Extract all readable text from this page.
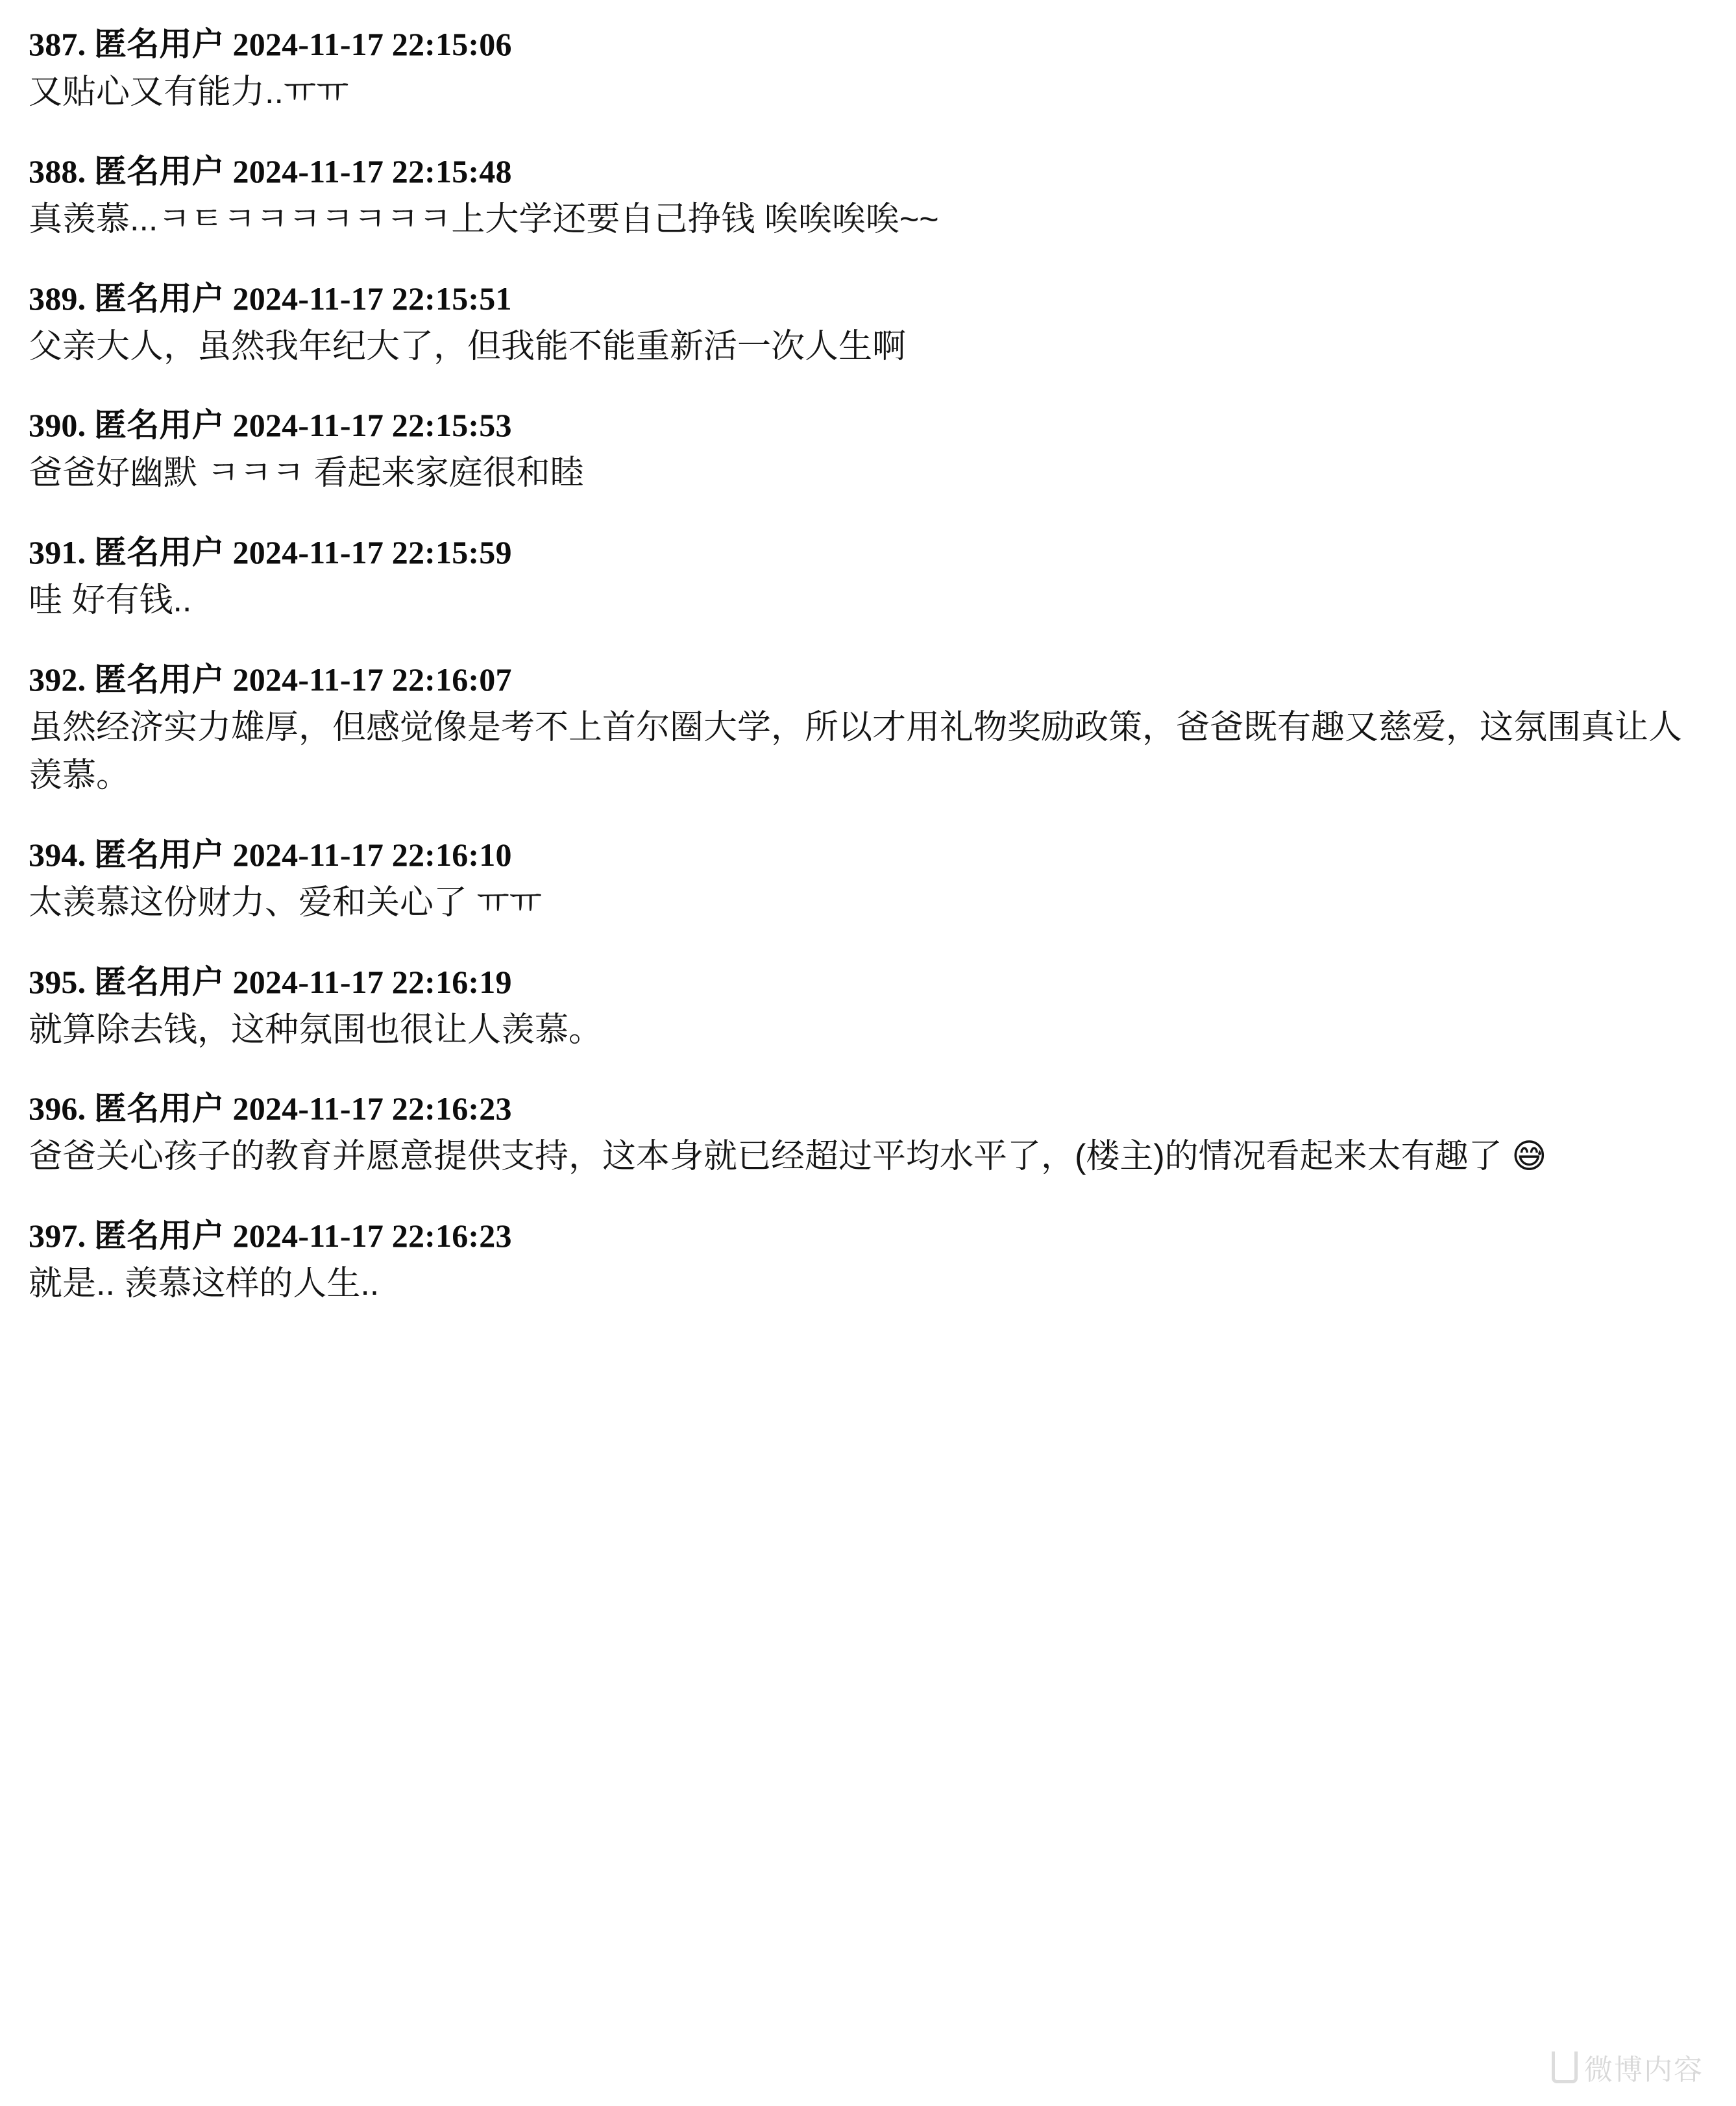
387. 匿名用户 2024-11-17 22:15:06
又贴心又有能力..ㅠㅠ
388. 匿名用户 2024-11-17 22:15:48
真羡慕...ㅋㅌㅋㅋㅋㅋㅋㅋㅋ上大学还要自己挣钱 唉唉唉唉~~
389. 匿名用户 2024-11-17 22:15:51
父亲大人，虽然我年纪大了，但我能不能重新活一次人生啊
390. 匿名用户 2024-11-17 22:15:53
爸爸好幽默 ㅋㅋㅋ 看起来家庭很和睦
391. 匿名用户 2024-11-17 22:15:59
哇 好有钱..
392. 匿名用户 2024-11-17 22:16:07
虽然经济实力雄厚，但感觉像是考不上首尔圈大学，所以才用礼物奖励政策，爸爸既有趣又慈爱，这氛围真让人羡慕。
394. 匿名用户 2024-11-17 22:16:10
太羡慕这份财力、爱和关心了 ㅠㅠ
395. 匿名用户 2024-11-17 22:16:19
就算除去钱，这种氛围也很让人羡慕。
396. 匿名用户 2024-11-17 22:16:23
爸爸关心孩子的教育并愿意提供支持，这本身就已经超过平均水平了，(楼主)的情况看起来太有趣了 😅
397. 匿名用户 2024-11-17 22:16:23
就是.. 羡慕这样的人生..
微博内容
